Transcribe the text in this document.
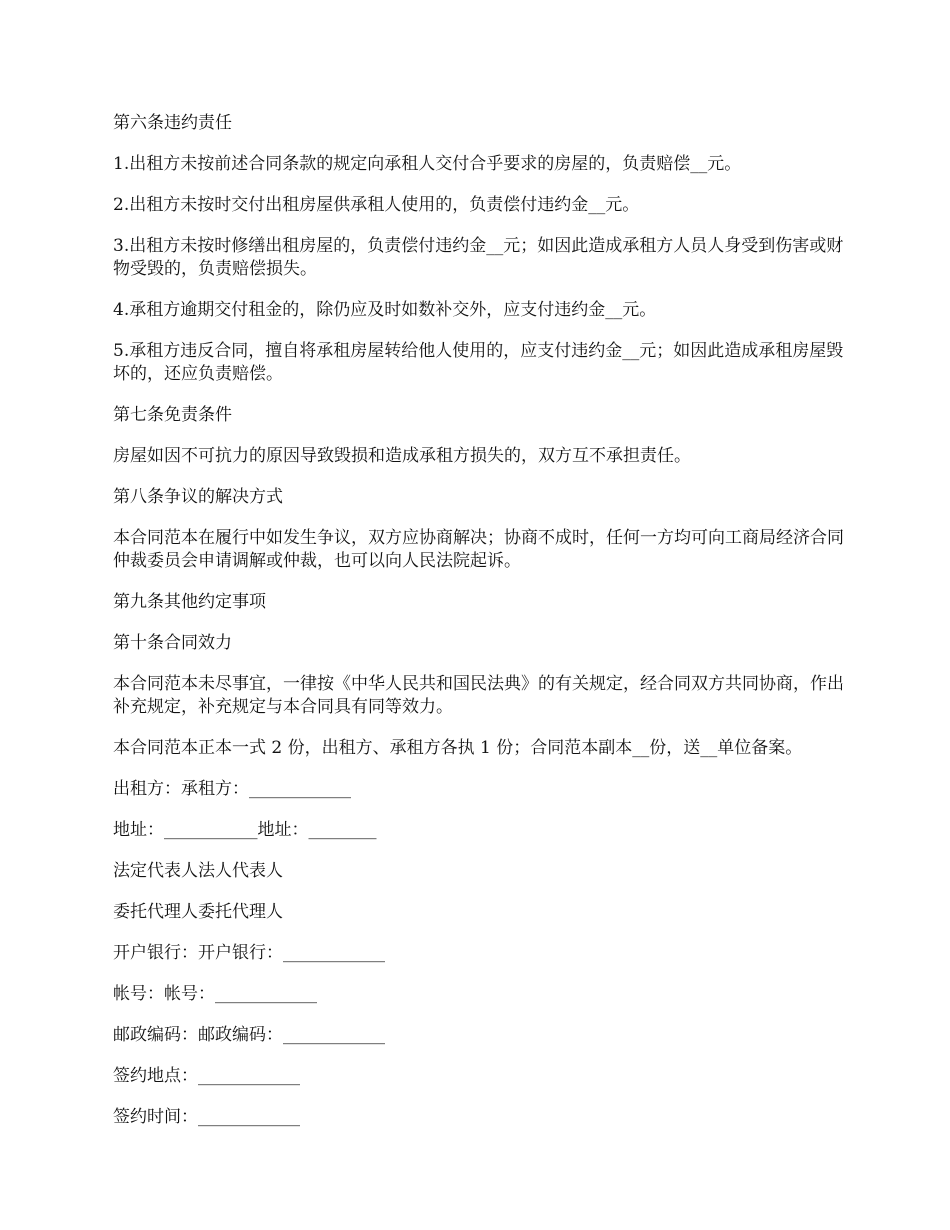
第六条违约责任

1.出租方未按前述合同条款的规定向承租人交付合乎要求的房屋的，负责赔偿__元。

2.出租方未按时交付出租房屋供承租人使用的，负责偿付违约金__元。

3.出租方未按时修缮出租房屋的，负责偿付违约金__元；如因此造成承租方人员人身受到伤害或财物受毁的，负责赔偿损失。

4.承租方逾期交付租金的，除仍应及时如数补交外，应支付违约金__元。

5.承租方违反合同，擅自将承租房屋转给他人使用的，应支付违约金__元；如因此造成承租房屋毁坏的，还应负责赔偿。

第七条免责条件

房屋如因不可抗力的原因导致毁损和造成承租方损失的，双方互不承担责任。

第八条争议的解决方式

本合同范本在履行中如发生争议，双方应协商解决；协商不成时，任何一方均可向工商局经济合同仲裁委员会申请调解或仲裁，也可以向人民法院起诉。

第九条其他约定事项

第十条合同效力

本合同范本未尽事宜，一律按《中华人民共和国民法典》的有关规定，经合同双方共同协商，作出补充规定，补充规定与本合同具有同等效力。

本合同范本正本一式 2 份，出租方、承租方各执 1 份；合同范本副本__份，送__单位备案。

出租方：承租方：____________

地址：___________地址：________

法定代表人法人代表人

委托代理人委托代理人

开户银行：开户银行：____________

帐号：帐号：____________

邮政编码：邮政编码：____________

签约地点：____________

签约时间：____________
